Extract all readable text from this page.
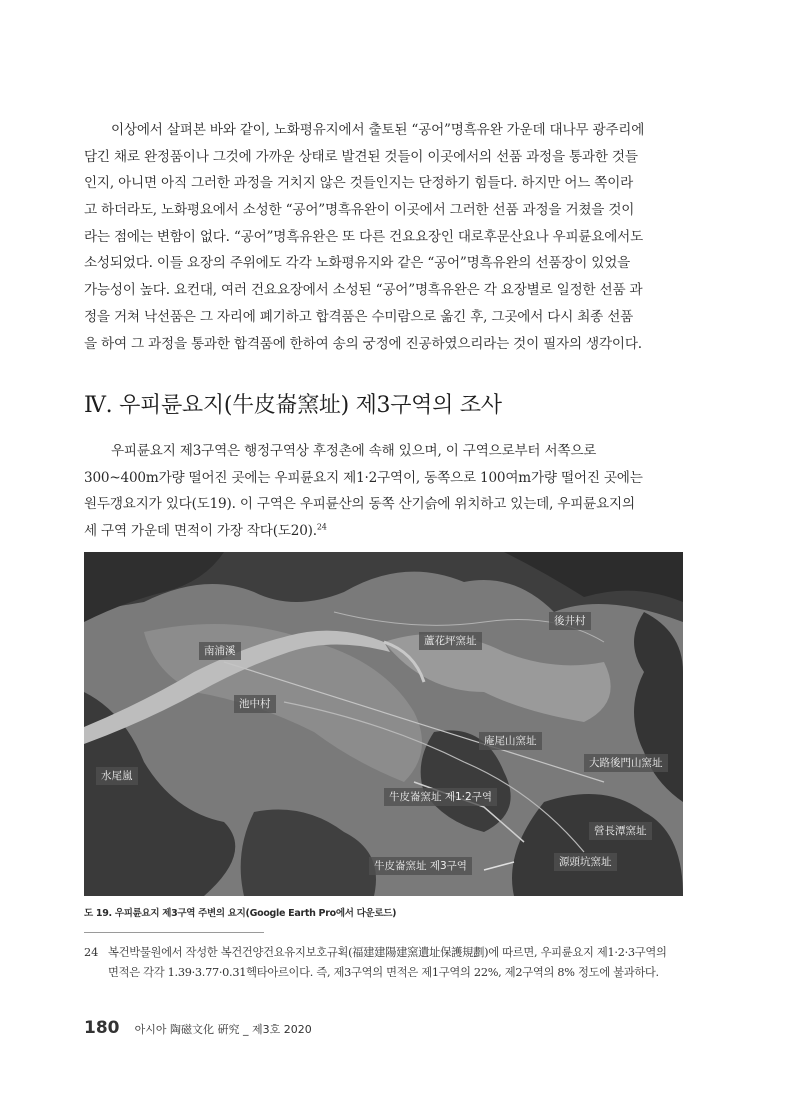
이상에서 살펴본 바와 같이, 노화평유지에서 출토된 “공어”명흑유완 가운데 대나무 광주리에
담긴 채로 완정품이나 그것에 가까운 상태로 발견된 것들이 이곳에서의 선품 과정을 통과한 것들
인지, 아니면 아직 그러한 과정을 거치지 않은 것들인지는 단정하기 힘들다. 하지만 어느 쪽이라
고 하더라도, 노화평요에서 소성한 “공어”명흑유완이 이곳에서 그러한 선품 과정을 거쳤을 것이
라는 점에는 변함이 없다. “공어”명흑유완은 또 다른 건요요장인 대로후문산요나 우피륜요에서도
소성되었다. 이들 요장의 주위에도 각각 노화평유지와 같은 “공어”명흑유완의 선품장이 있었을
가능성이 높다. 요컨대, 여러 건요요장에서 소성된 “공어”명흑유완은 각 요장별로 일정한 선품 과
정을 거쳐 낙선품은 그 자리에 폐기하고 합격품은 수미람으로 옮긴 후, 그곳에서 다시 최종 선품
을 하여 그 과정을 통과한 합격품에 한하여 송의 궁정에 진공하였으리라는 것이 필자의 생각이다.
Ⅳ. 우피륜요지(牛皮崙窯址) 제3구역의 조사
우피륜요지 제3구역은 행정구역상 후정촌에 속해 있으며, 이 구역으로부터 서쪽으로
300~400m가량 떨어진 곳에는 우피륜요지 제1·2구역이, 동쪽으로 100여m가량 떨어진 곳에는
원두갱요지가 있다(도19). 이 구역은 우피륜산의 동쪽 산기슭에 위치하고 있는데, 우피륜요지의
세 구역 가운데 면적이 가장 작다(도20).$^{24}$
後井村
蘆花坪窯址
南浦溪
池中村
庵尾山窯址
大路後門山窯址
水尾嵐
牛皮崙窯址 제1·2구역
營長潭窯址
源頭坑窯址
牛皮崙窯址 제3구역
도 19. 우피륜요지 제3구역 주변의 요지(Google Earth Pro에서 다운로드)
24 복건박물원에서 작성한 복건건양건요유지보호규획(福建建陽建窯遺址保護規劃)에 따르면, 우피륜요지 제1·2·3구역의
면적은 각각 1.39·3.77·0.31헥타아르이다. 즉, 제3구역의 면적은 제1구역의 22%, 제2구역의 8% 정도에 불과하다.
180 아시아 陶磁文化 硏究 _ 제3호 2020
